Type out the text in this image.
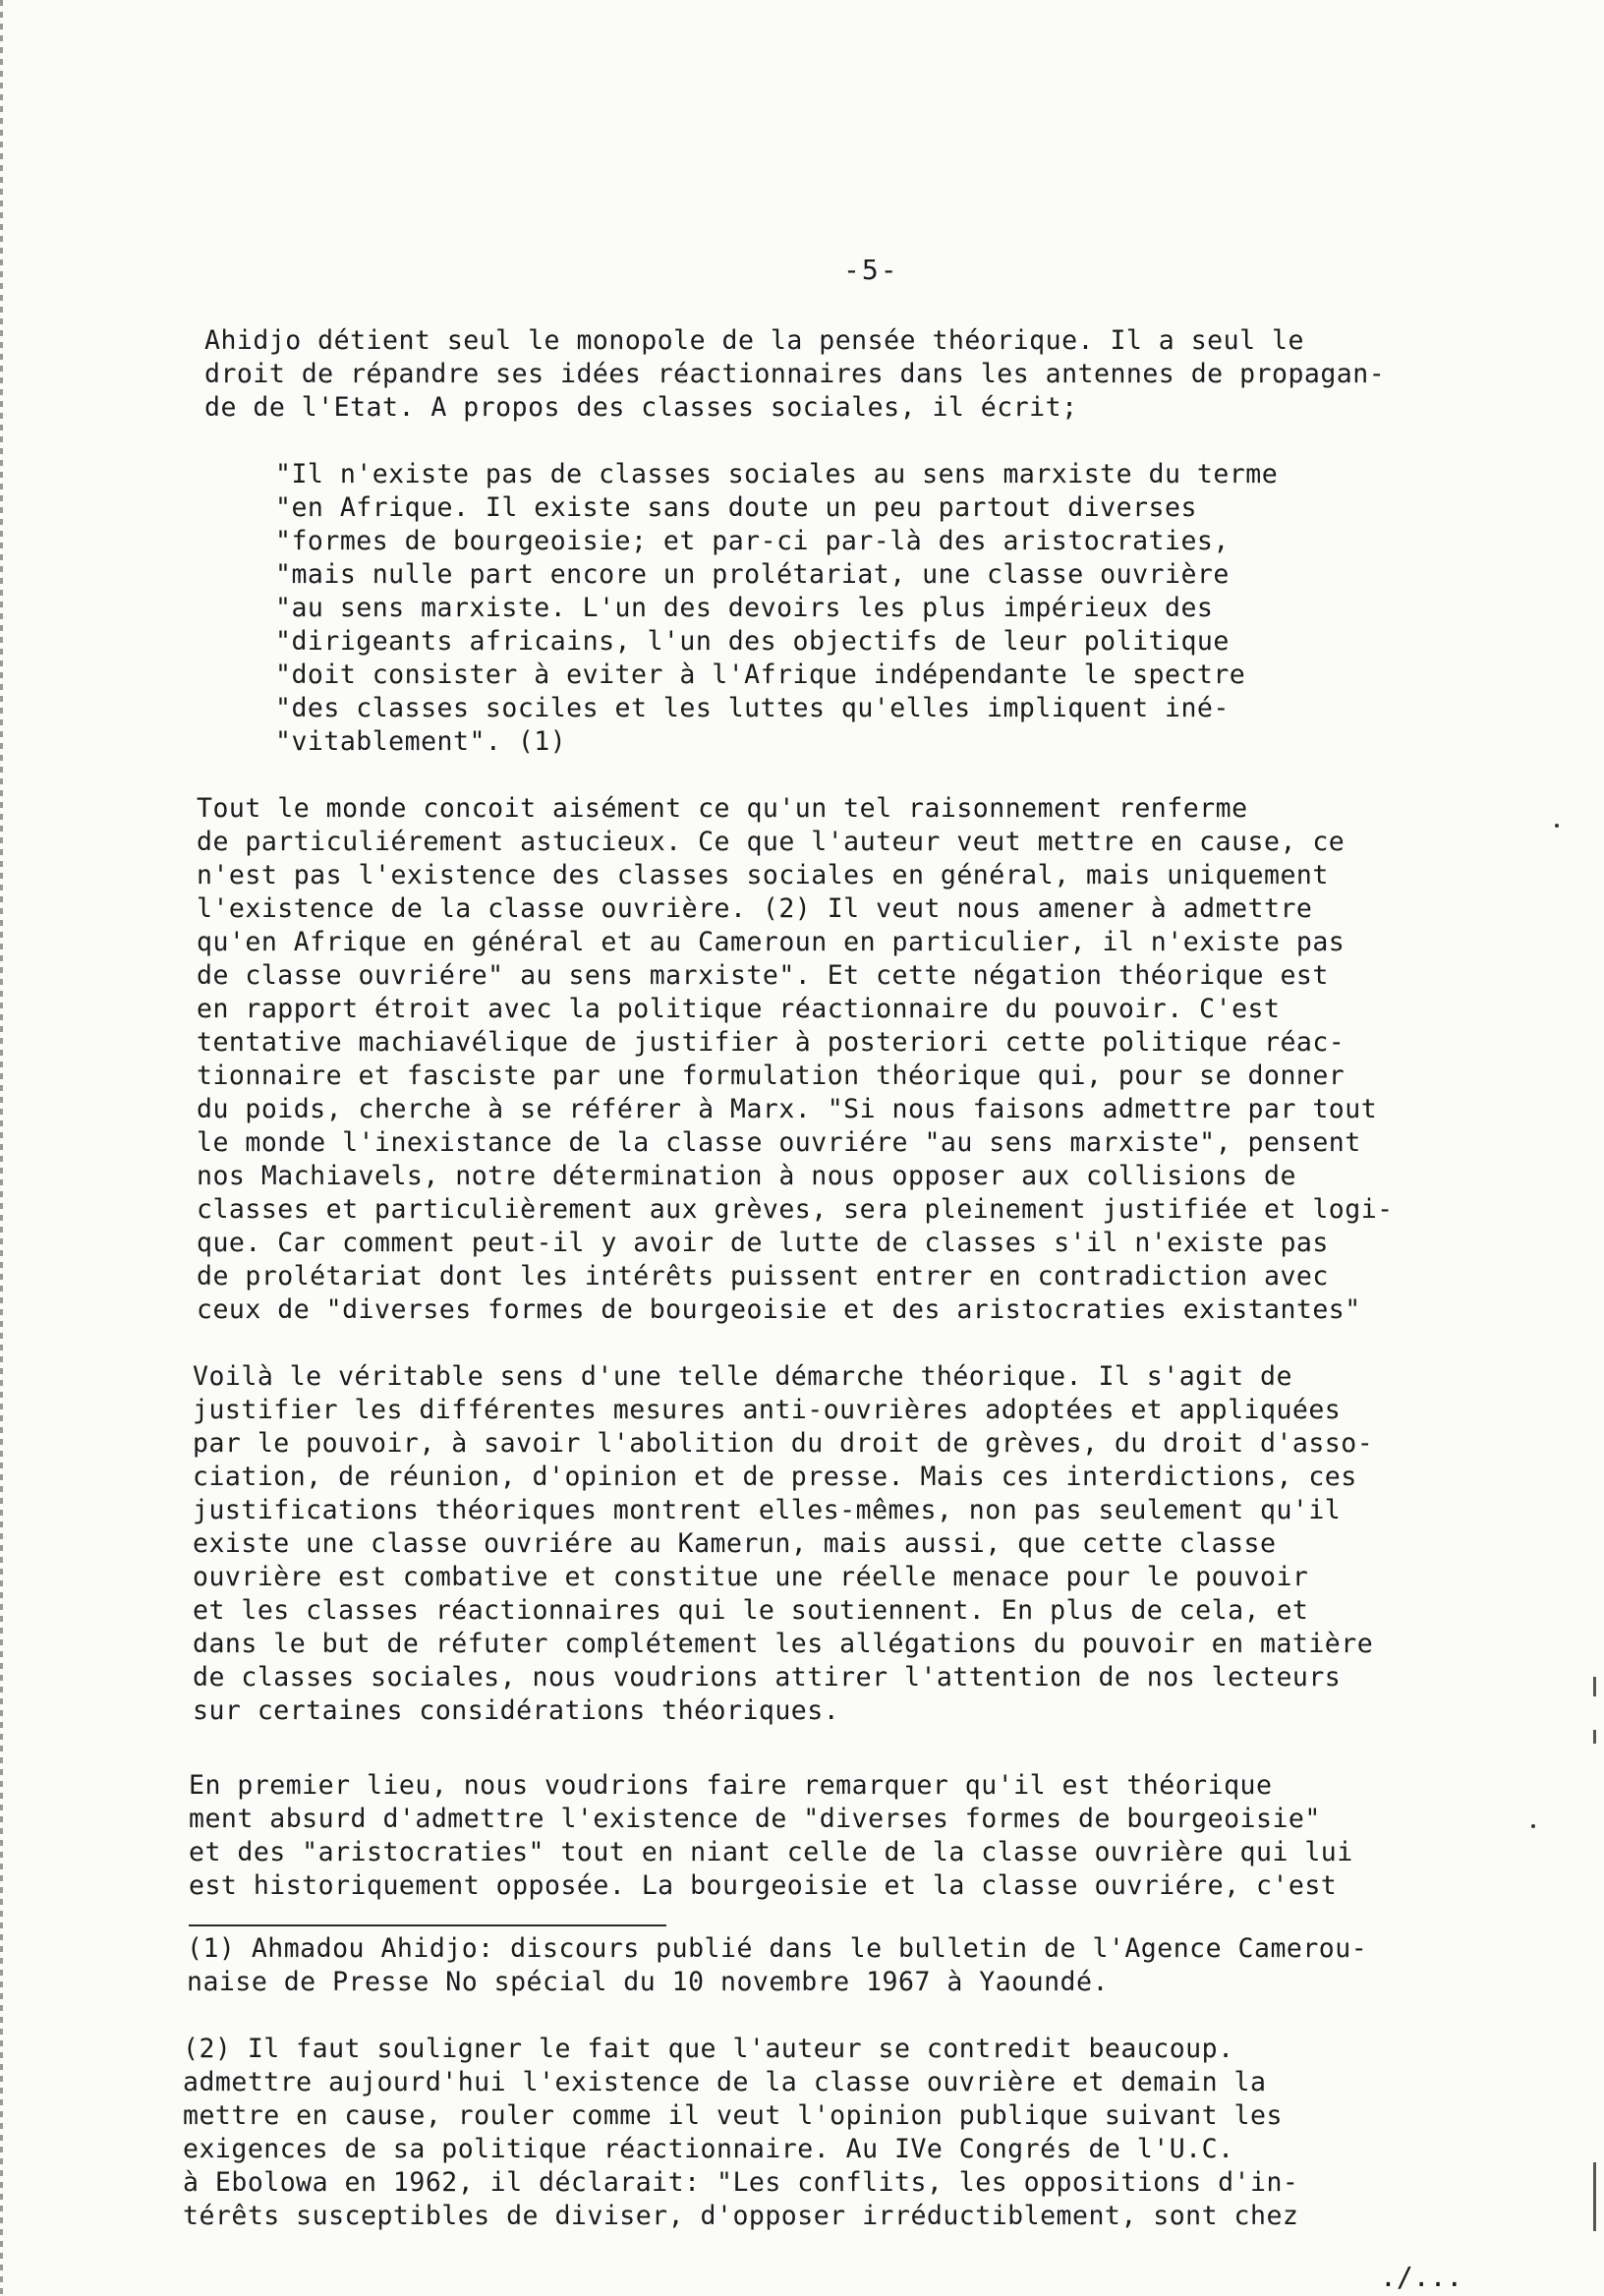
-5-
Ahidjo détient seul le monopole de la pensée théorique. Il a seul le
droit de répandre ses idées réactionnaires dans les antennes de propagan-
de de l'Etat. A propos des classes sociales, il écrit;
"Il n'existe pas de classes sociales au sens marxiste du terme
"en Afrique. Il existe sans doute un peu partout diverses
"formes de bourgeoisie; et par-ci par-là des aristocraties,
"mais nulle part encore un prolétariat, une classe ouvrière
"au sens marxiste. L'un des devoirs les plus impérieux des
"dirigeants africains, l'un des objectifs de leur politique
"doit consister à eviter à l'Afrique indépendante le spectre
"des classes sociles et les luttes qu'elles impliquent iné-
"vitablement". (1)
Tout le monde concoit aisément ce qu'un tel raisonnement renferme
de particuliérement astucieux. Ce que l'auteur veut mettre en cause, ce
n'est pas l'existence des classes sociales en général, mais uniquement
l'existence de la classe ouvrière. (2) Il veut nous amener à admettre
qu'en Afrique en général et au Cameroun en particulier, il n'existe pas
de classe ouvriére" au sens marxiste". Et cette négation théorique est
en rapport étroit avec la politique réactionnaire du pouvoir. C'est
tentative machiavélique de justifier à posteriori cette politique réac-
tionnaire et fasciste par une formulation théorique qui, pour se donner
du poids, cherche à se référer à Marx. "Si nous faisons admettre par tout
le monde l'inexistance de la classe ouvriére "au sens marxiste", pensent
nos Machiavels, notre détermination à nous opposer aux collisions de
classes et particulièrement aux grèves, sera pleinement justifiée et logi-
que. Car comment peut-il y avoir de lutte de classes s'il n'existe pas
de prolétariat dont les intérêts puissent entrer en contradiction avec
ceux de "diverses formes de bourgeoisie et des aristocraties existantes"
Voilà le véritable sens d'une telle démarche théorique. Il s'agit de
justifier les différentes mesures anti-ouvrières adoptées et appliquées
par le pouvoir, à savoir l'abolition du droit de grèves, du droit d'asso-
ciation, de réunion, d'opinion et de presse. Mais ces interdictions, ces
justifications théoriques montrent elles-mêmes, non pas seulement qu'il
existe une classe ouvriére au Kamerun, mais aussi, que cette classe
ouvrière est combative et constitue une réelle menace pour le pouvoir
et les classes réactionnaires qui le soutiennent. En plus de cela, et
dans le but de réfuter complétement les allégations du pouvoir en matière
de classes sociales, nous voudrions attirer l'attention de nos lecteurs
sur certaines considérations théoriques.
En premier lieu, nous voudrions faire remarquer qu'il est théorique
ment absurd d'admettre l'existence de "diverses formes de bourgeoisie"
et des "aristocraties" tout en niant celle de la classe ouvrière qui lui
est historiquement opposée. La bourgeoisie et la classe ouvriére, c'est
(1) Ahmadou Ahidjo: discours publié dans le bulletin de l'Agence Camerou-
naise de Presse No spécial du 10 novembre 1967 à Yaoundé.
(2) Il faut souligner le fait que l'auteur se contredit beaucoup.
admettre aujourd'hui l'existence de la classe ouvrière et demain la
mettre en cause, rouler comme il veut l'opinion publique suivant les
exigences de sa politique réactionnaire. Au IVe Congrés de l'U.C.
à Ebolowa en 1962, il déclarait: "Les conflits, les oppositions d'in-
térêts susceptibles de diviser, d'opposer irréductiblement, sont chez
./...
